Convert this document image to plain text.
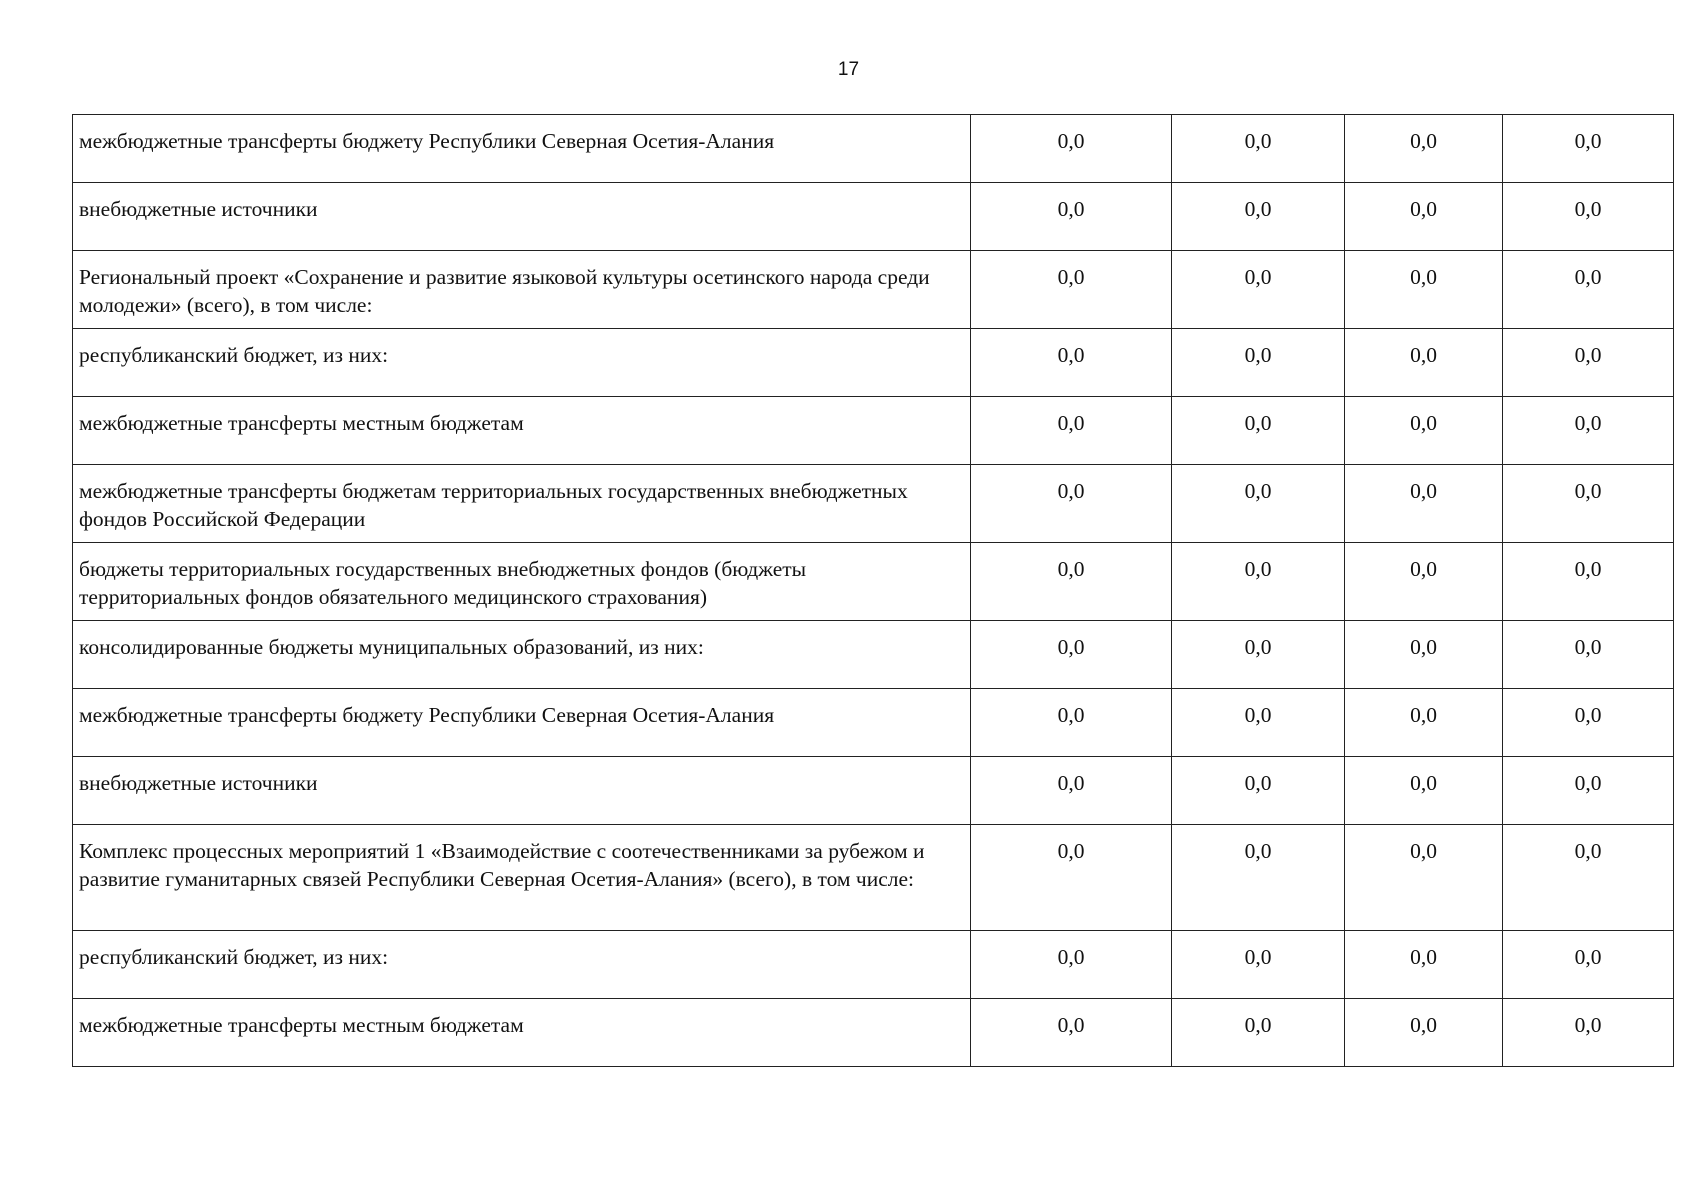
17
межбюджетные трансферты бюджету Республики Северная Осетия-Алания	0,0	0,0	0,0	0,0
внебюджетные источники	0,0	0,0	0,0	0,0
Региональный проект «Сохранение и развитие языковой культуры осетинского народа среди молодежи» (всего), в том числе:	0,0	0,0	0,0	0,0
республиканский бюджет, из них:	0,0	0,0	0,0	0,0
межбюджетные трансферты местным бюджетам	0,0	0,0	0,0	0,0
межбюджетные трансферты бюджетам территориальных государственных внебюджетных фондов Российской Федерации	0,0	0,0	0,0	0,0
бюджеты территориальных государственных внебюджетных фондов (бюджеты территориальных фондов обязательного медицинского страхования)	0,0	0,0	0,0	0,0
консолидированные бюджеты муниципальных образований, из них:	0,0	0,0	0,0	0,0
межбюджетные трансферты бюджету Республики Северная Осетия-Алания	0,0	0,0	0,0	0,0
внебюджетные источники	0,0	0,0	0,0	0,0
Комплекс процессных мероприятий 1 «Взаимодействие с соотечественниками за рубежом и развитие гуманитарных связей Республики Северная Осетия-Алания» (всего), в том числе:	0,0	0,0	0,0	0,0
республиканский бюджет, из них:	0,0	0,0	0,0	0,0
межбюджетные трансферты местным бюджетам	0,0	0,0	0,0	0,0
